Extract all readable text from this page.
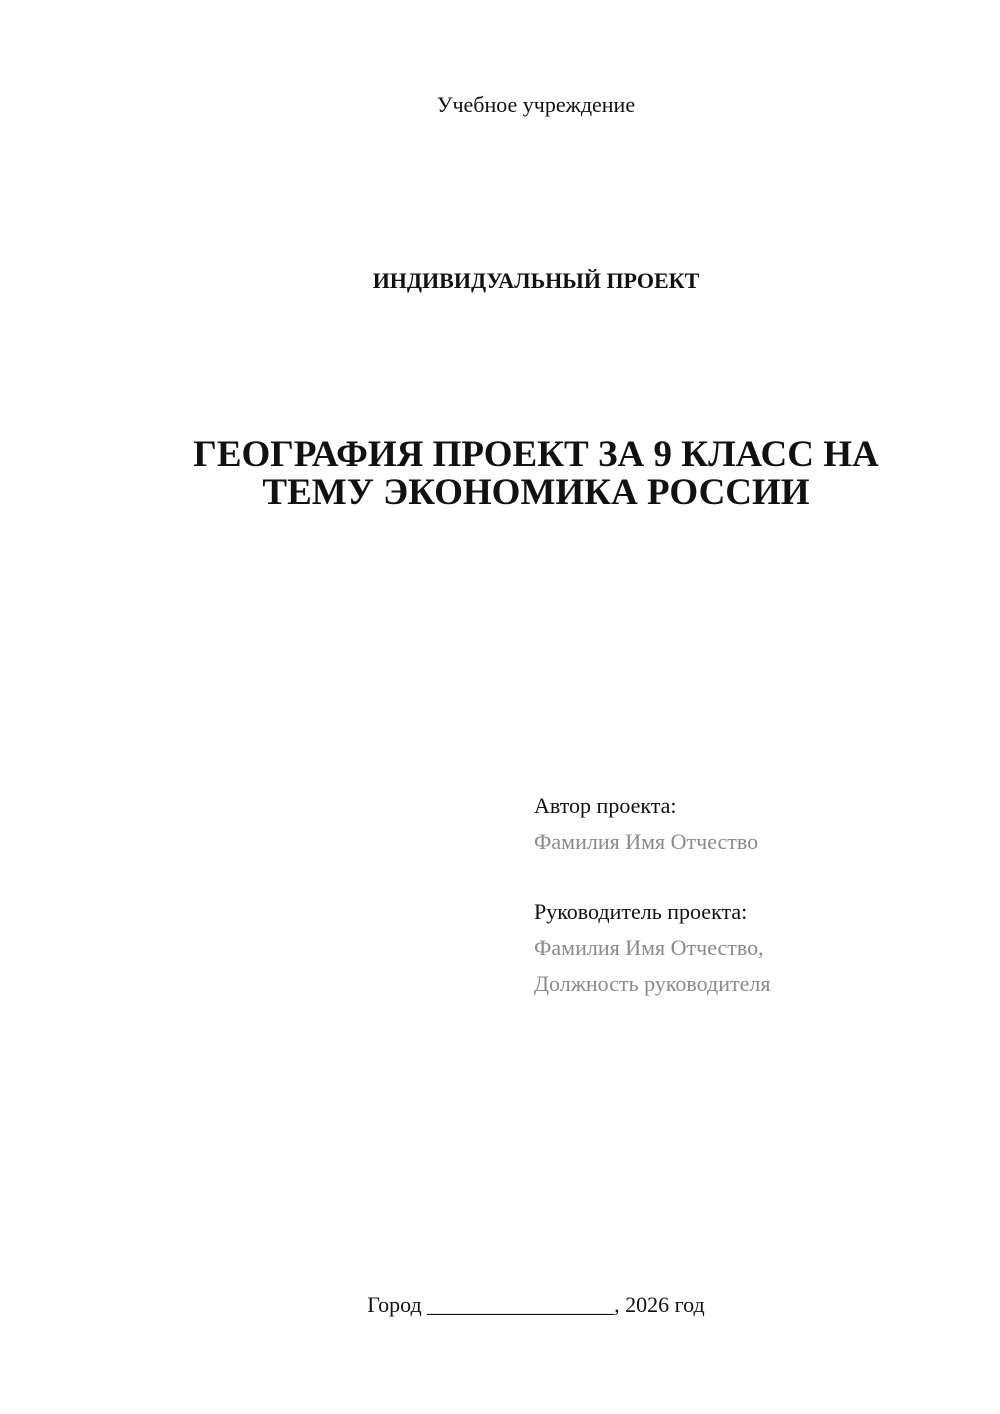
Учебное учреждение
ИНДИВИДУАЛЬНЫЙ ПРОЕКТ
ГЕОГРАФИЯ ПРОЕКТ ЗА 9 КЛАСС НА
ТЕМУ ЭКОНОМИКА РОССИИ
Автор проекта:
Фамилия Имя Отчество
Руководитель проекта:
Фамилия Имя Отчество,
Должность руководителя
Город _________________, 2026 год
